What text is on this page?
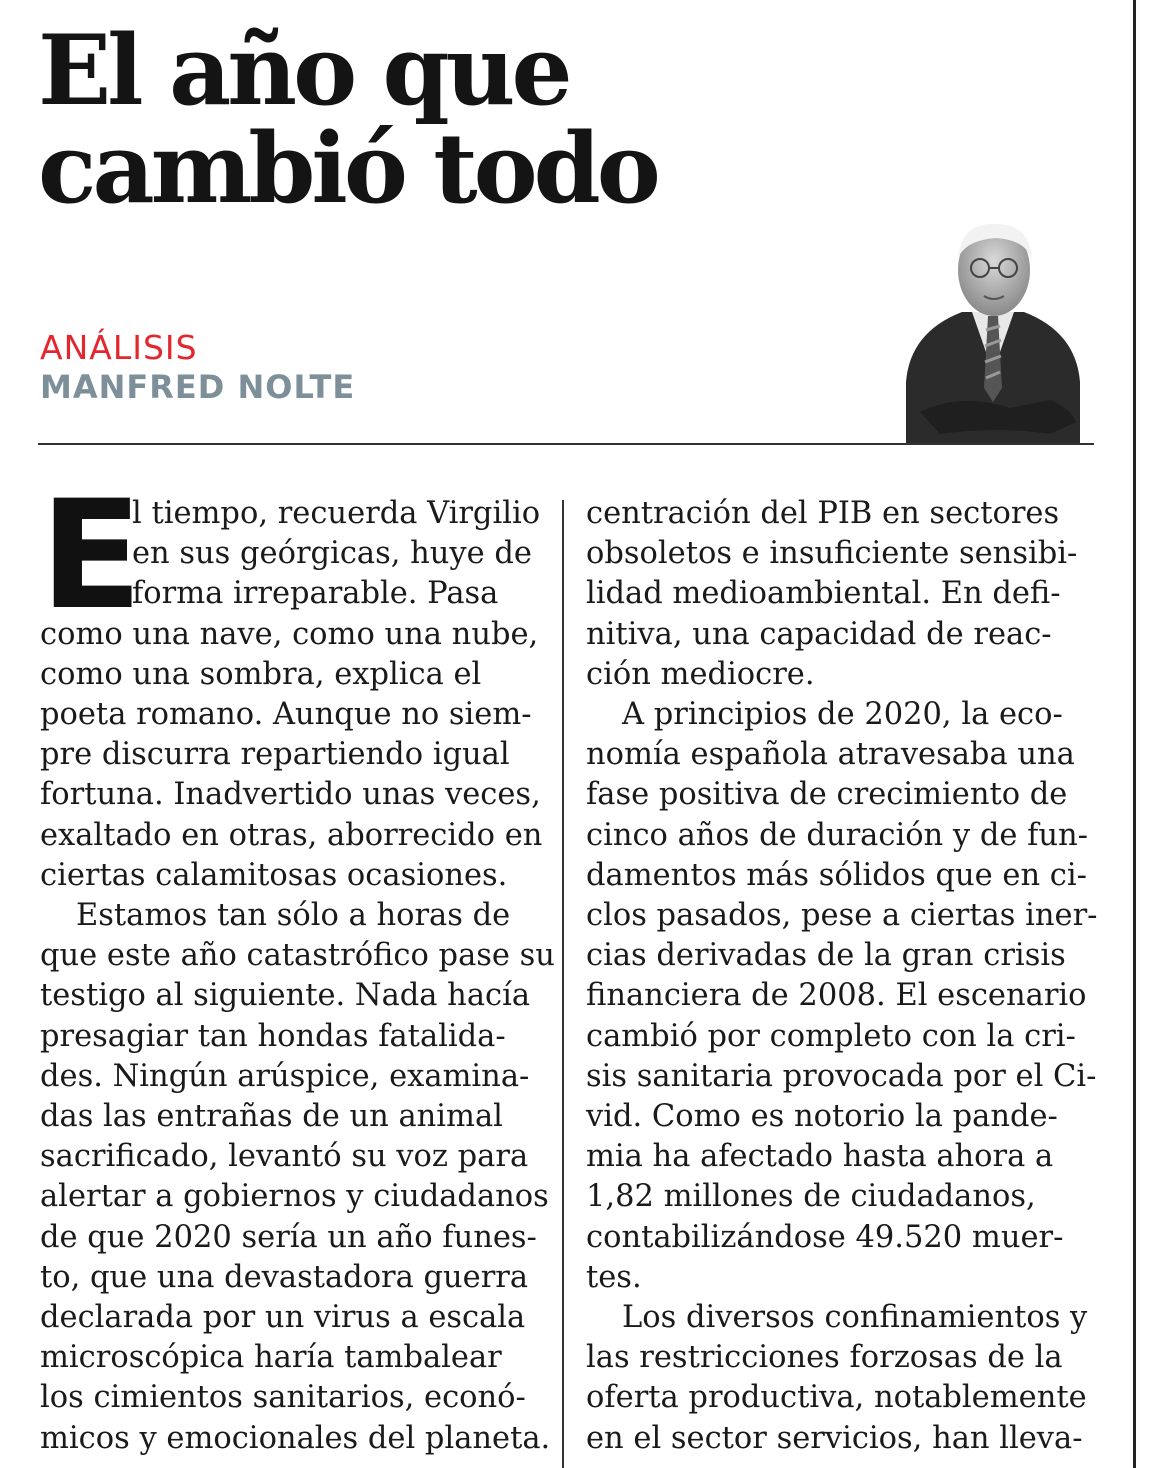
El año que
cambió todo
ANÁLISIS
MANFRED NOLTE
E
l tiempo, recuerda Virgilio
en sus geórgicas, huye de
forma irreparable. Pasa
como una nave, como una nube,
como una sombra, explica el
poeta romano. Aunque no siem-
pre discurra repartiendo igual
fortuna. Inadvertido unas veces,
exaltado en otras, aborrecido en
ciertas calamitosas ocasiones.
Estamos tan sólo a horas de
que este año catastrófico pase su
testigo al siguiente. Nada hacía
presagiar tan hondas fatalida-
des. Ningún arúspice, examina-
das las entrañas de un animal
sacrificado, levantó su voz para
alertar a gobiernos y ciudadanos
de que 2020 sería un año funes-
to, que una devastadora guerra
declarada por un virus a escala
microscópica haría tambalear
los cimientos sanitarios, econó-
micos y emocionales del planeta.
centración del PIB en sectores
obsoletos e insuficiente sensibi-
lidad medioambiental. En defi-
nitiva, una capacidad de reac-
ción mediocre.
A principios de 2020, la eco-
nomía española atravesaba una
fase positiva de crecimiento de
cinco años de duración y de fun-
damentos más sólidos que en ci-
clos pasados, pese a ciertas iner-
cias derivadas de la gran crisis
financiera de 2008. El escenario
cambió por completo con la cri-
sis sanitaria provocada por el Ci-
vid. Como es notorio la pande-
mia ha afectado hasta ahora a
1,82 millones de ciudadanos,
contabilizándose 49.520 muer-
tes.
Los diversos confinamientos y
las restricciones forzosas de la
oferta productiva, notablemente
en el sector servicios, han lleva-
